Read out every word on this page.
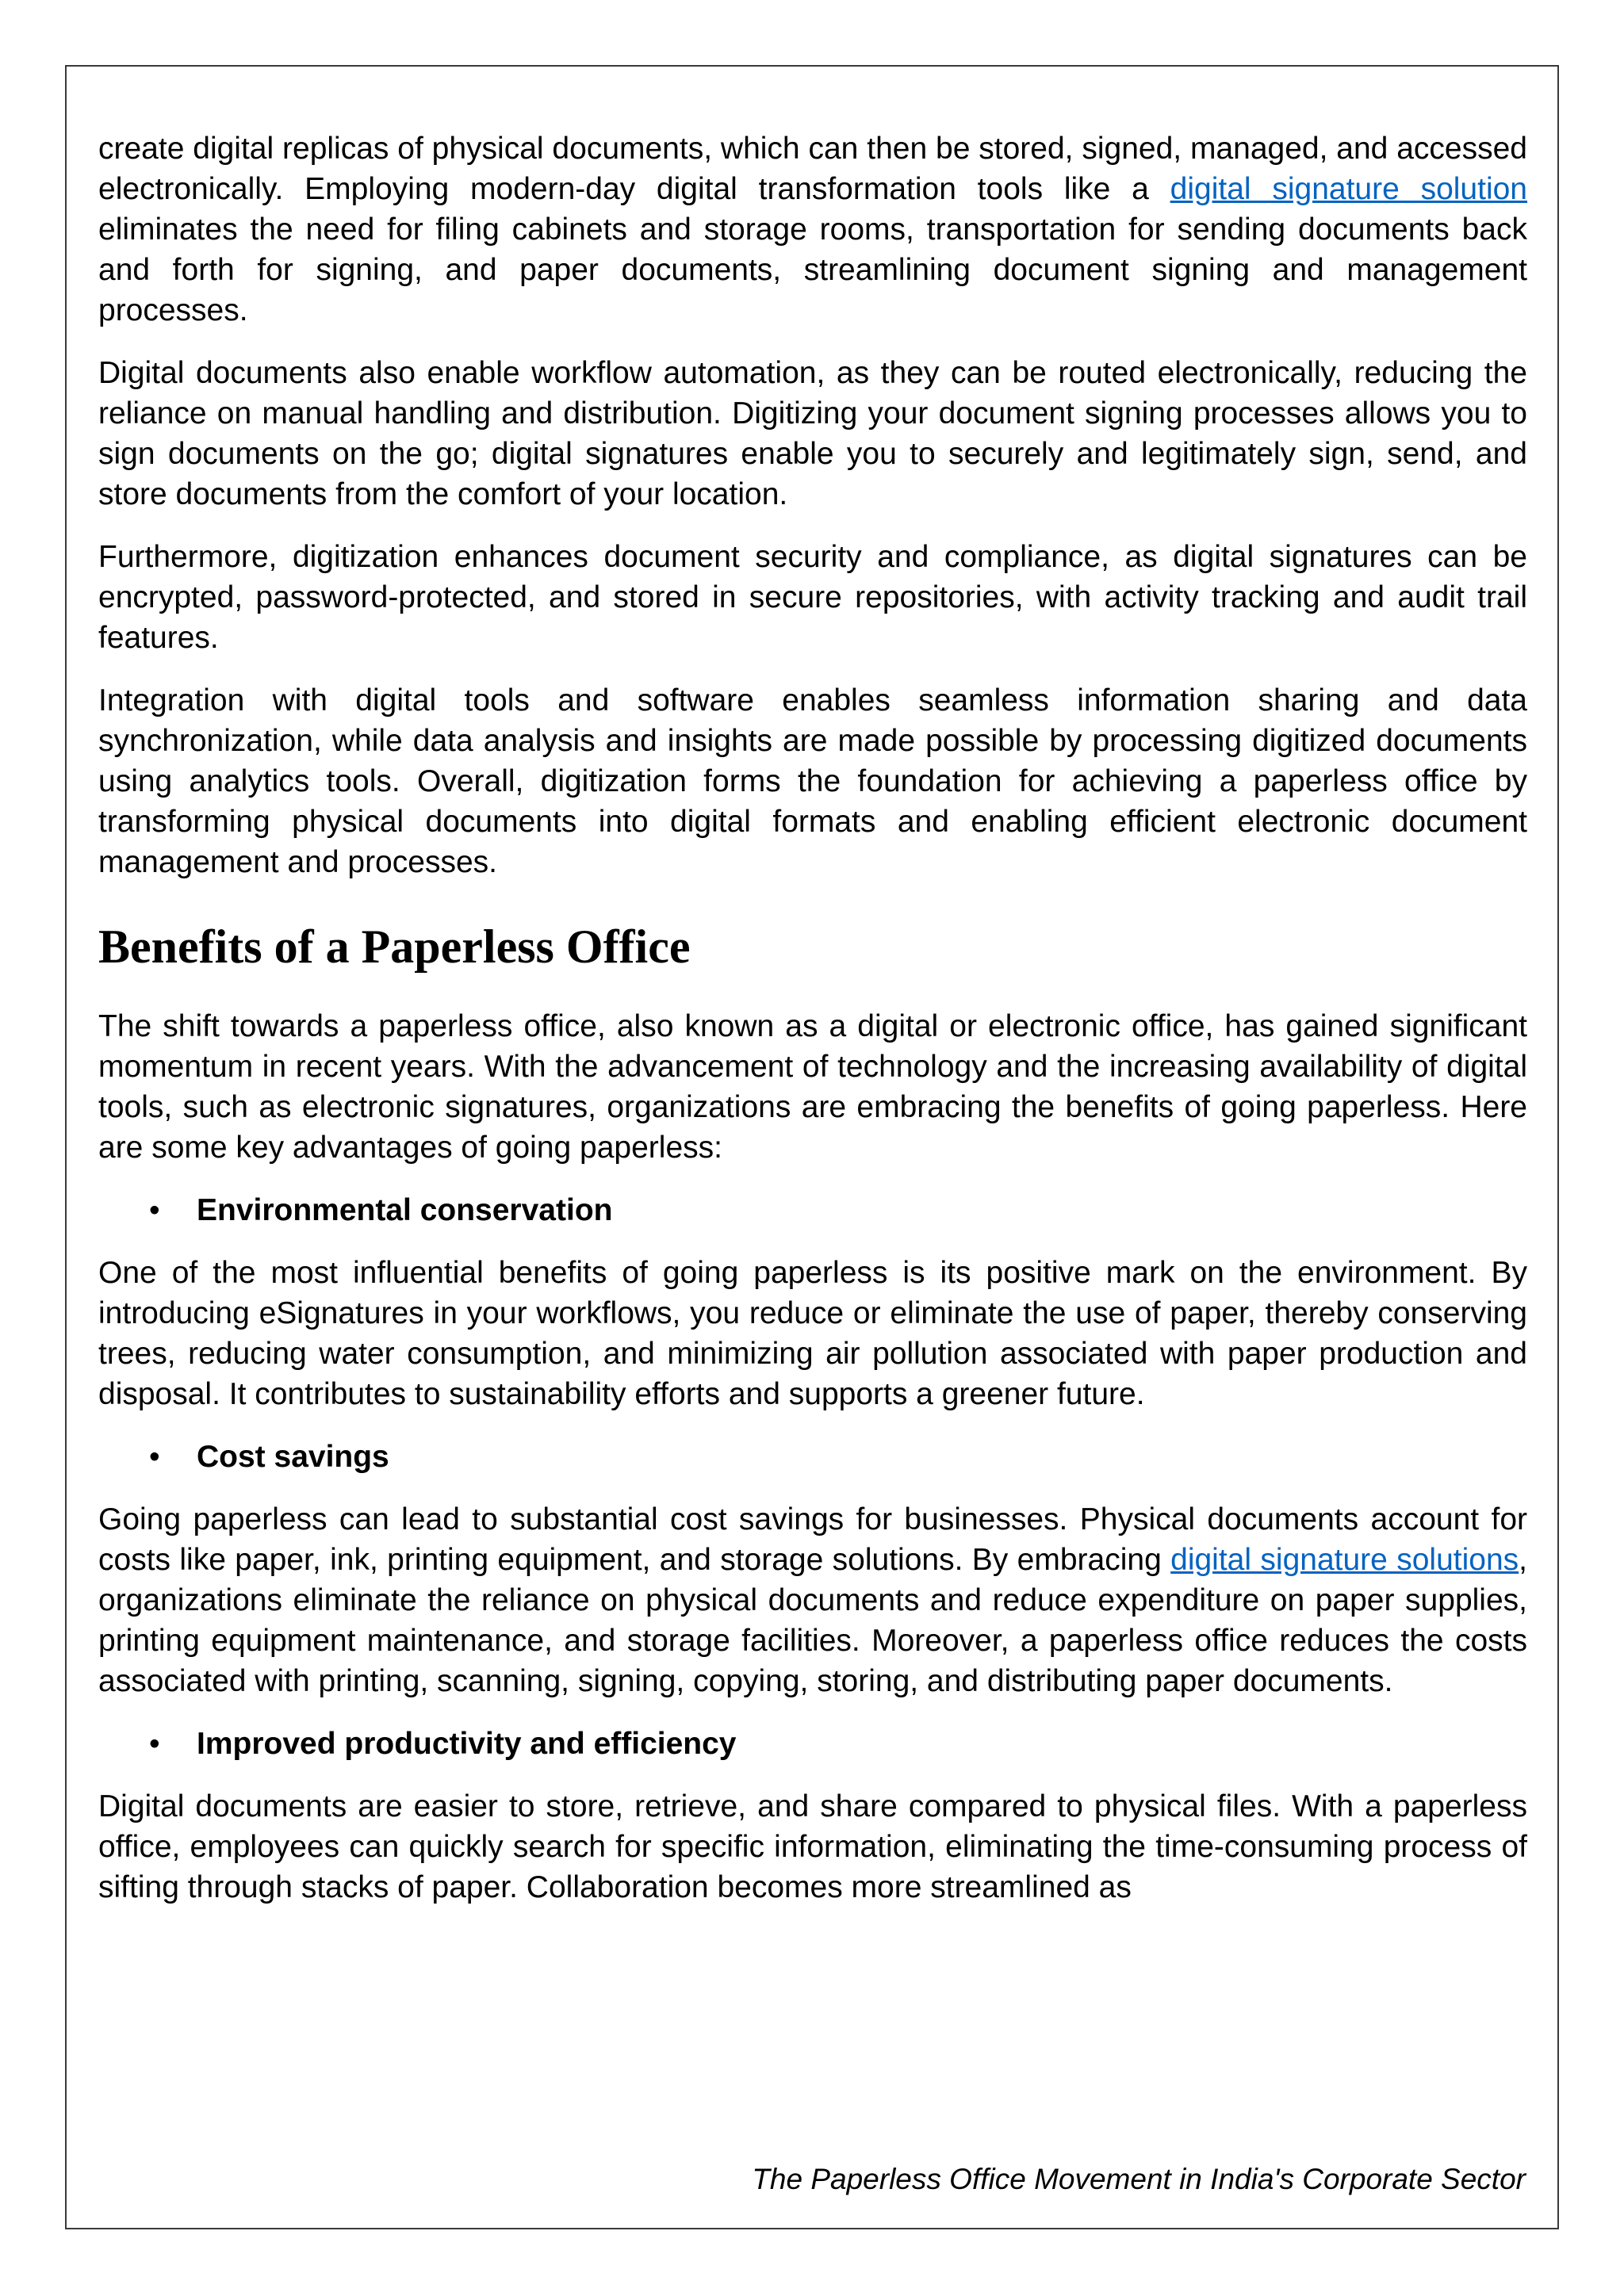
create digital replicas of physical documents, which can then be stored, signed, managed, and accessed electronically. Employing modern-day digital transformation tools like a digital signature solution eliminates the need for filing cabinets and storage rooms, transportation for sending documents back and forth for signing, and paper documents, streamlining document signing and management processes.

Digital documents also enable workflow automation, as they can be routed electronically, reducing the reliance on manual handling and distribution. Digitizing your document signing processes allows you to sign documents on the go; digital signatures enable you to securely and legitimately sign, send, and store documents from the comfort of your location.

Furthermore, digitization enhances document security and compliance, as digital signatures can be encrypted, password-protected, and stored in secure repositories, with activity tracking and audit trail features.

Integration with digital tools and software enables seamless information sharing and data synchronization, while data analysis and insights are made possible by processing digitized documents using analytics tools. Overall, digitization forms the foundation for achieving a paperless office by transforming physical documents into digital formats and enabling efficient electronic document management and processes.

Benefits of a Paperless Office

The shift towards a paperless office, also known as a digital or electronic office, has gained significant momentum in recent years. With the advancement of technology and the increasing availability of digital tools, such as electronic signatures, organizations are embracing the benefits of going paperless. Here are some key advantages of going paperless:

• Environmental conservation

One of the most influential benefits of going paperless is its positive mark on the environment. By introducing eSignatures in your workflows, you reduce or eliminate the use of paper, thereby conserving trees, reducing water consumption, and minimizing air pollution associated with paper production and disposal. It contributes to sustainability efforts and supports a greener future.

• Cost savings

Going paperless can lead to substantial cost savings for businesses. Physical documents account for costs like paper, ink, printing equipment, and storage solutions. By embracing digital signature solutions, organizations eliminate the reliance on physical documents and reduce expenditure on paper supplies, printing equipment maintenance, and storage facilities. Moreover, a paperless office reduces the costs associated with printing, scanning, signing, copying, storing, and distributing paper documents.

• Improved productivity and efficiency

Digital documents are easier to store, retrieve, and share compared to physical files. With a paperless office, employees can quickly search for specific information, eliminating the time-consuming process of sifting through stacks of paper. Collaboration becomes more streamlined as

The Paperless Office Movement in India's Corporate Sector
